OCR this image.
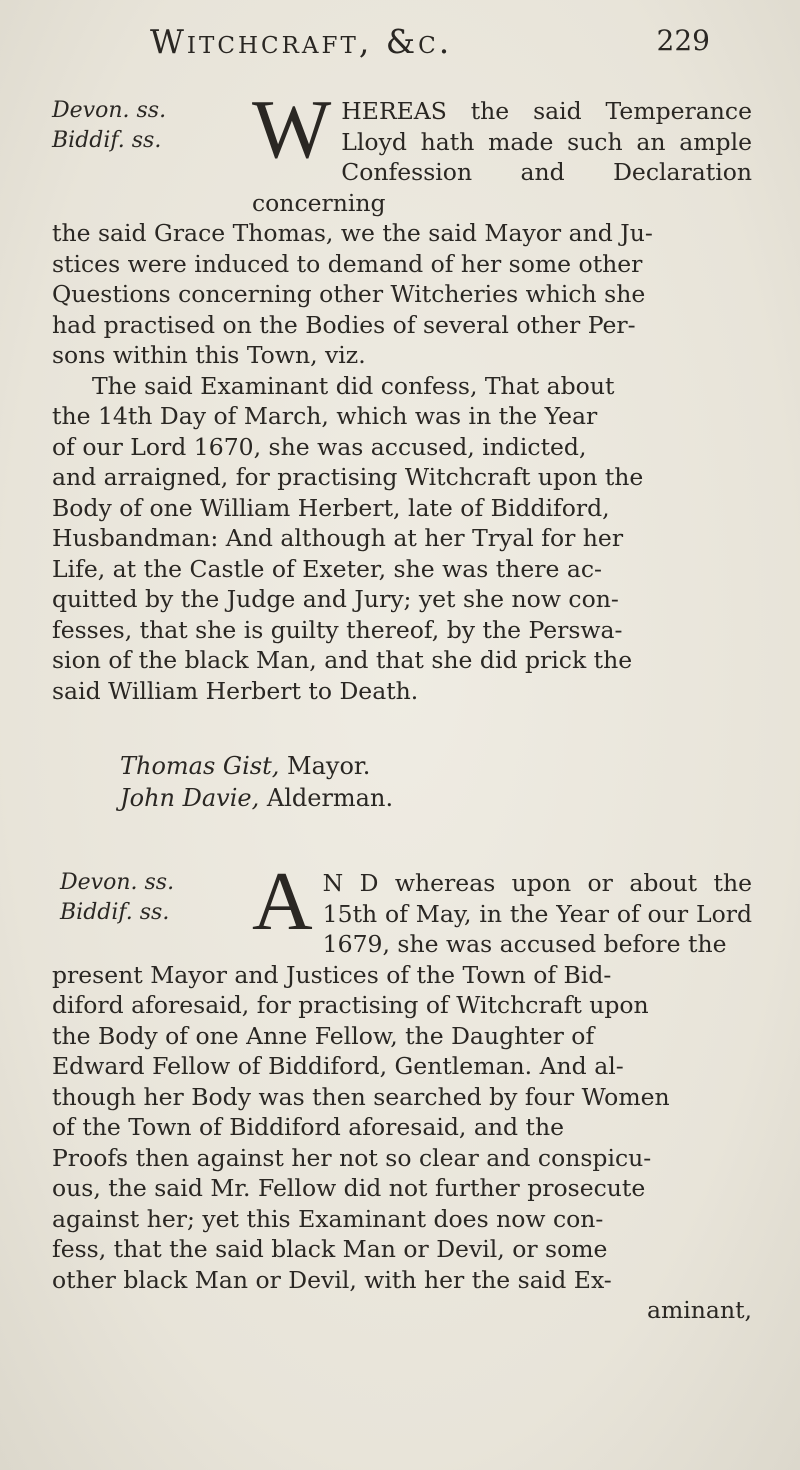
Witchcraft, &c.	229
Devon. ss.
Biddif. ss. W HEREAS the said Temperance Lloyd hath made such an ample Confession and Declaration concerning
the said Grace Thomas, we the said Mayor and Ju-
stices were induced to demand of her some other
Questions concerning other Witcheries which she
had practised on the Bodies of several other Per-
sons within this Town, viz.
The said Examinant did confess, That about
the 14th Day of March, which was in the Year
of our Lord 1670, she was accused, indicted,
and arraigned, for practising Witchcraft upon the
Body of one William Herbert, late of Biddiford,
Husbandman: And although at her Tryal for her
Life, at the Castle of Exeter, she was there ac-
quitted by the Judge and Jury; yet she now con-
fesses, that she is guilty thereof, by the Perswa-
sion of the black Man, and that she did prick the
said William Herbert to Death.
Thomas Gist, Mayor.
John Davie, Alderman.
Devon. ss.
Biddif. ss. A N D whereas upon or about the 15th of May, in the Year of our Lord 1679, she was accused before the
present Mayor and Justices of the Town of Bid-
diford aforesaid, for practising of Witchcraft upon
the Body of one Anne Fellow, the Daughter of
Edward Fellow of Biddiford, Gentleman. And al-
though her Body was then searched by four Women
of the Town of Biddiford aforesaid, and the
Proofs then against her not so clear and conspicu-
ous, the said Mr. Fellow did not further prosecute
against her; yet this Examinant does now con-
fess, that the said black Man or Devil, or some
other black Man or Devil, with her the said Ex-
aminant,
